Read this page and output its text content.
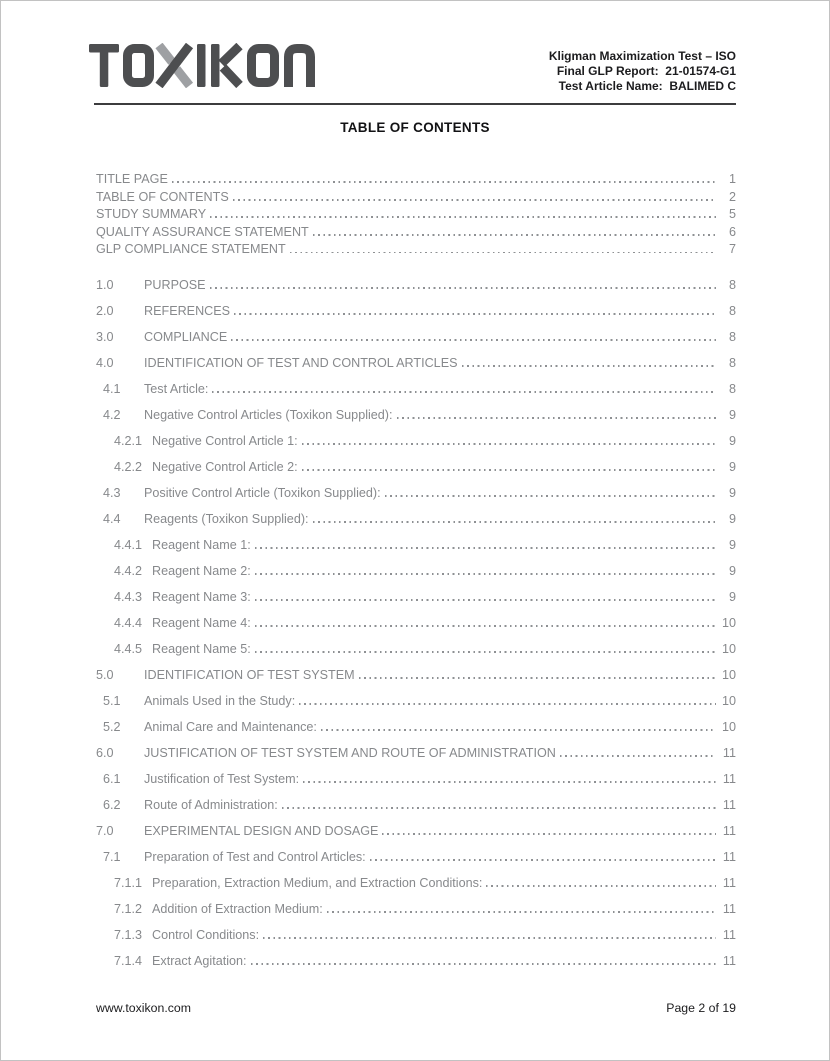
Kligman Maximization Test – ISO
Final GLP Report:  21-01574-G1
Test Article Name:  BALIMED C
TABLE OF CONTENTS
TITLE PAGE	1
TABLE OF CONTENTS	2
STUDY SUMMARY	5
QUALITY ASSURANCE STATEMENT	6
GLP COMPLIANCE STATEMENT	7
1.0	PURPOSE	8
2.0	REFERENCES	8
3.0	COMPLIANCE	8
4.0	IDENTIFICATION OF TEST AND CONTROL ARTICLES	8
4.1	Test Article:	8
4.2	Negative Control Articles (Toxikon Supplied):	9
4.2.1 Negative Control Article 1:	9
4.2.2 Negative Control Article 2:	9
4.3	Positive Control Article (Toxikon Supplied):	9
4.4	Reagents (Toxikon Supplied):	9
4.4.1 Reagent Name 1:	9
4.4.2 Reagent Name 2:	9
4.4.3 Reagent Name 3:	9
4.4.4 Reagent Name 4:	10
4.4.5 Reagent Name 5:	10
5.0	IDENTIFICATION OF TEST SYSTEM	10
5.1	Animals Used in the Study:	10
5.2	Animal Care and Maintenance:	10
6.0	JUSTIFICATION OF TEST SYSTEM AND ROUTE OF ADMINISTRATION	11
6.1	Justification of Test System:	11
6.2	Route of Administration:	11
7.0	EXPERIMENTAL DESIGN AND DOSAGE	11
7.1	Preparation of Test and Control Articles:	11
7.1.1 Preparation, Extraction Medium, and Extraction Conditions:	11
7.1.2 Addition of Extraction Medium:	11
7.1.3 Control Conditions:	11
7.1.4 Extract Agitation:	11
www.toxikon.com	Page 2 of 19
